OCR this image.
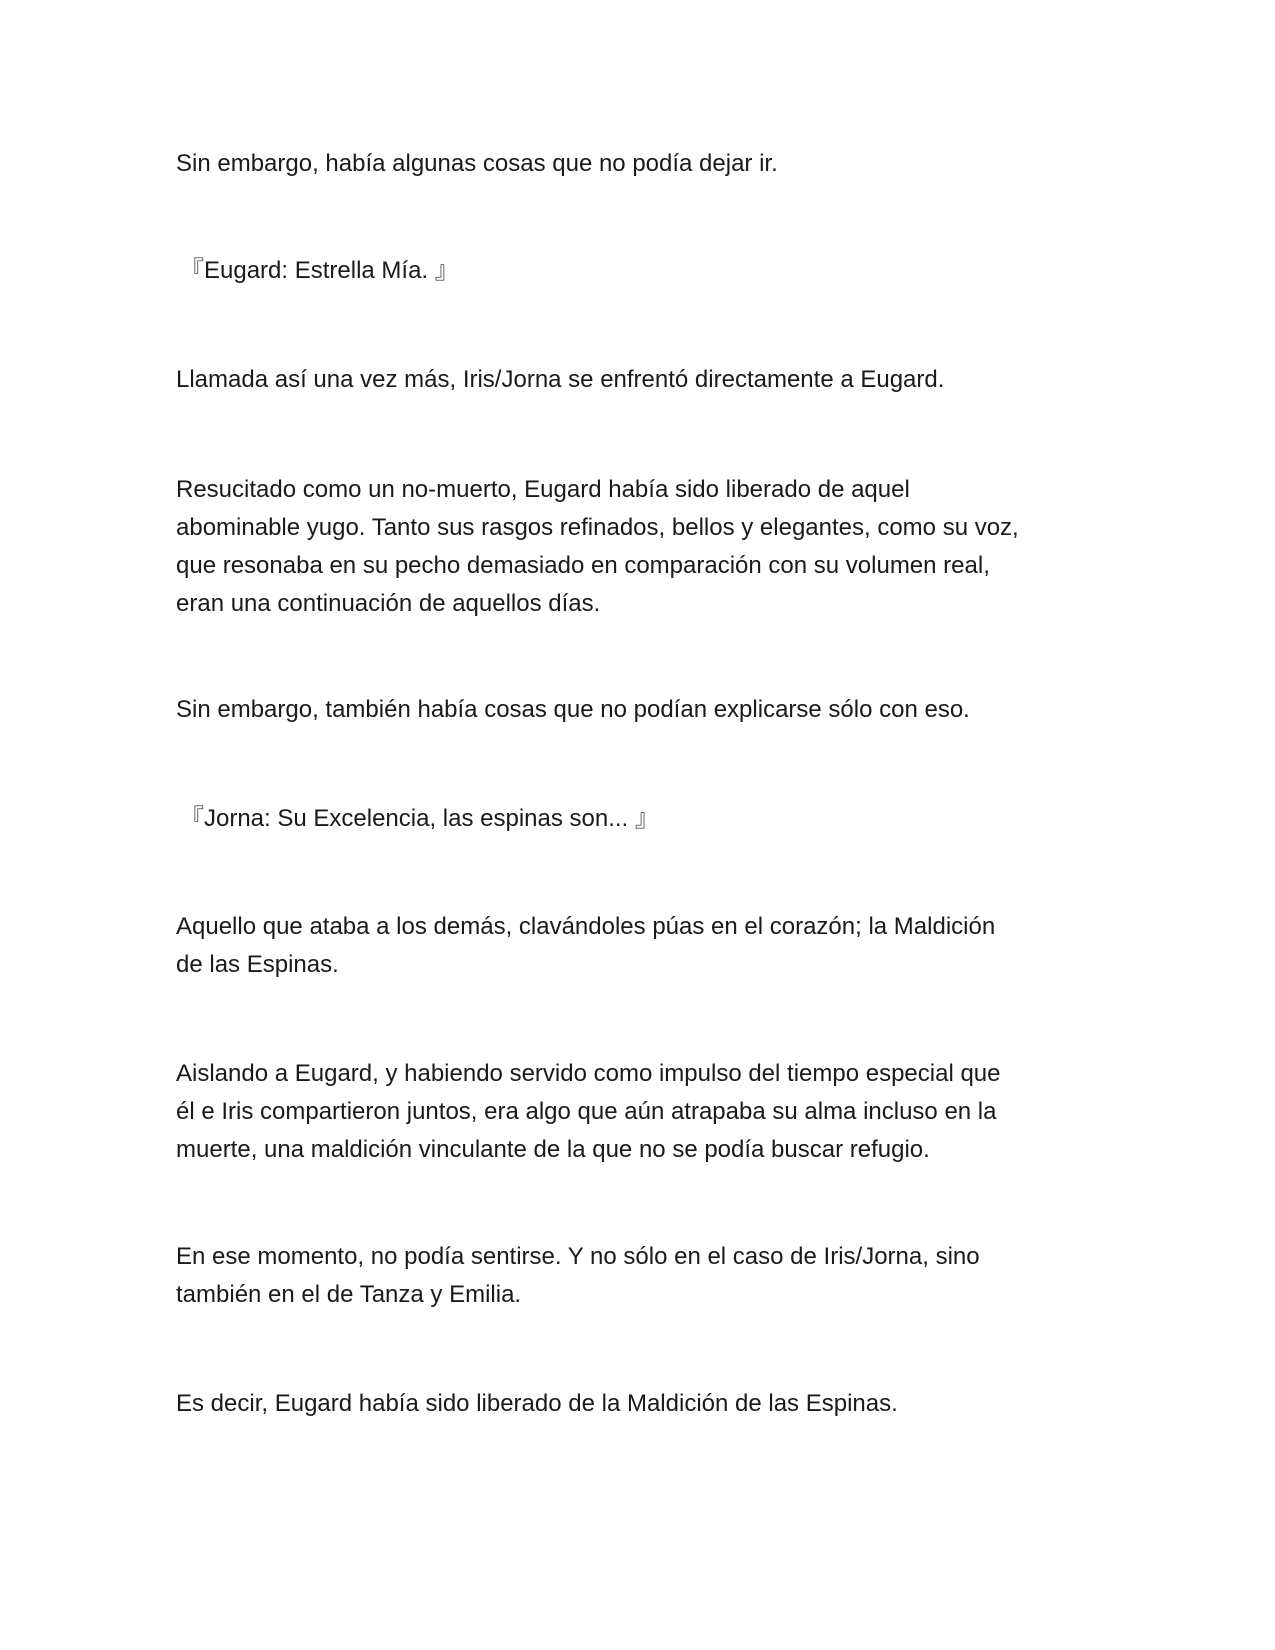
Sin embargo, había algunas cosas que no podía dejar ir.

『Eugard: Estrella Mía. 』

Llamada así una vez más, Iris/Jorna se enfrentó directamente a Eugard.

Resucitado como un no-muerto, Eugard había sido liberado de aquel
abominable yugo. Tanto sus rasgos refinados, bellos y elegantes, como su voz,
que resonaba en su pecho demasiado en comparación con su volumen real,
eran una continuación de aquellos días.

Sin embargo, también había cosas que no podían explicarse sólo con eso.

『Jorna: Su Excelencia, las espinas son... 』

Aquello que ataba a los demás, clavándoles púas en el corazón; la Maldición
de las Espinas.

Aislando a Eugard, y habiendo servido como impulso del tiempo especial que
él e Iris compartieron juntos, era algo que aún atrapaba su alma incluso en la
muerte, una maldición vinculante de la que no se podía buscar refugio.

En ese momento, no podía sentirse. Y no sólo en el caso de Iris/Jorna, sino
también en el de Tanza y Emilia.

Es decir, Eugard había sido liberado de la Maldición de las Espinas.
